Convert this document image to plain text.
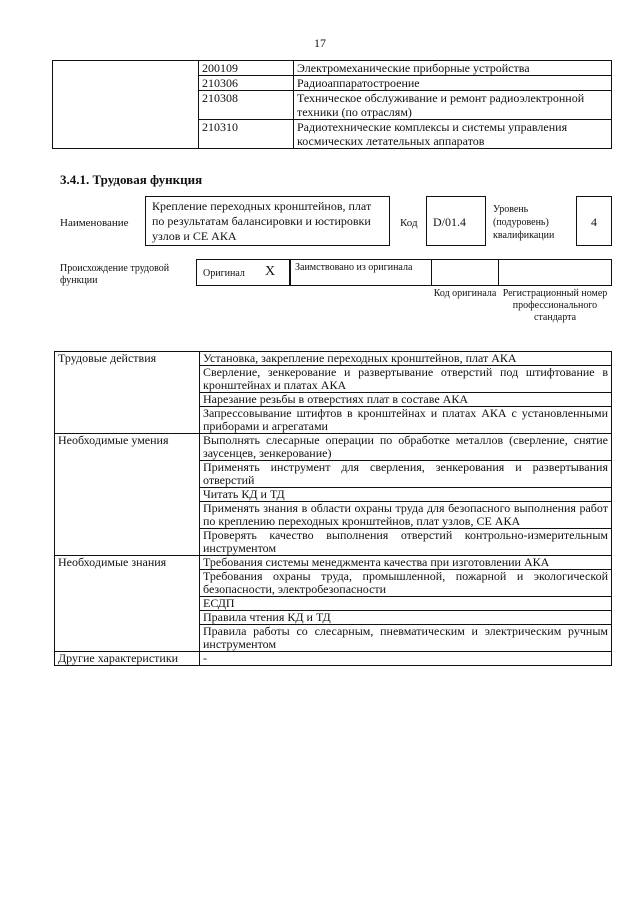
17
	200109	Электромеханические приборные устройства
	210306	Радиоаппаратостроение
	210308	Техническое обслуживание и ремонт радиоэлектронной техники (по отраслям)
	210310	Радиотехнические комплексы и системы управления космических летательных аппаратов
3.4.1. Трудовая функция
Наименование
Крепление переходных кронштейнов, плат по результатам балансировки и юстировки узлов и СЕ АКА
Код	D/01.4
Уровень (подуровень) квалификации
4
Происхождение трудовой функции
Оригинал X Заимствовано из оригинала
Код оригинала Регистрационный номер профессионального стандарта
Трудовые действия	Установка, закрепление переходных кронштейнов, плат АКА
	Сверление, зенкерование и развертывание отверстий под штифтование в кронштейнах и платах АКА
	Нарезание резьбы в отверстиях плат в составе АКА
	Запрессовывание штифтов в кронштейнах и платах АКА с установленными приборами и агрегатами
Необходимые умения	Выполнять слесарные операции по обработке металлов (сверление, снятие заусенцев, зенкерование)
	Применять инструмент для сверления, зенкерования и развертывания отверстий
	Читать КД и ТД
	Применять знания в области охраны труда для безопасного выполнения работ по креплению переходных кронштейнов, плат узлов, СЕ АКА
	Проверять качество выполнения отверстий контрольно-измерительным инструментом
Необходимые знания	Требования системы менеджмента качества при изготовлении АКА
	Требования охраны труда, промышленной, пожарной и экологической безопасности, электробезопасности
	ЕСДП
	Правила чтения КД и ТД
	Правила работы со слесарным, пневматическим и электрическим ручным инструментом
Другие характеристики	-
